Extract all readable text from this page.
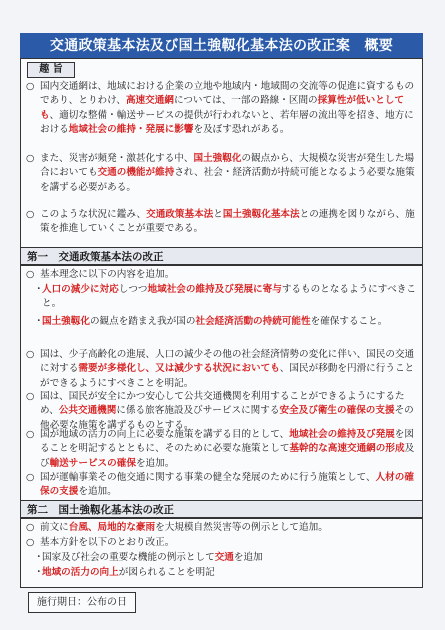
交通政策基本法及び国土強靱化基本法の改正案　概要
趣 旨
○ 国内交通網は、地域における企業の立地や地域内・地域間の交流等の促進に資するものであり、とりわけ、高速交通網については、一部の路線・区間の採算性が低いとしても、適切な整備・輸送サービスの提供が行われないと、若年層の流出等を招き、地方における地域社会の維持・発展に影響を及ぼす恐れがある。
○ また、災害が頻発・激甚化する中、国土強靱化の観点から、大規模な災害が発生した場合においても交通の機能が維持され、社会・経済活動が持続可能となるよう必要な施策を講ずる必要がある。
○ このような状況に鑑み、交通政策基本法と国土強靱化基本法との連携を図りながら、施策を推進していくことが重要である。
第一　交通政策基本法の改正
○ 基本理念に以下の内容を追加。
・
人口の減少に対応しつつ地域社会の維持及び発展に寄与するものとなるようにすべきこと。
・
国土強靱化の観点を踏まえ我が国の社会経済活動の持続可能性を確保すること。
○ 国は、少子高齢化の進展、人口の減少その他の社会経済情勢の変化に伴い、国民の交通に対する需要が多様化し、又は減少する状況においても、国民が移動を円滑に行うことができるようにすべきことを明記。
○ 国は、国民が安全にかつ安心して公共交通機関を利用することができるようにするため、公共交通機関に係る旅客施設及びサービスに関する安全及び衛生の確保の支援その他必要な施策を講ずるものとする。
○ 国が地域の活力の向上に必要な施策を講ずる目的として、地域社会の維持及び発展を図ることを明記するとともに、そのために必要な施策として基幹的な高速交通網の形成及び輸送サービスの確保を追加。
○ 国が運輸事業その他交通に関する事業の健全な発展のために行う施策として、人材の確保の支援を追加。
第二　国土強靱化基本法の改正
○ 前文に台風、局地的な豪雨を大規模自然災害等の例示として追加。
○ 基本方針を以下のとおり改正。
・
国家及び社会の重要な機能の例示として交通を追加
・
地域の活力の向上が図られることを明記
施行期日：公布の日
